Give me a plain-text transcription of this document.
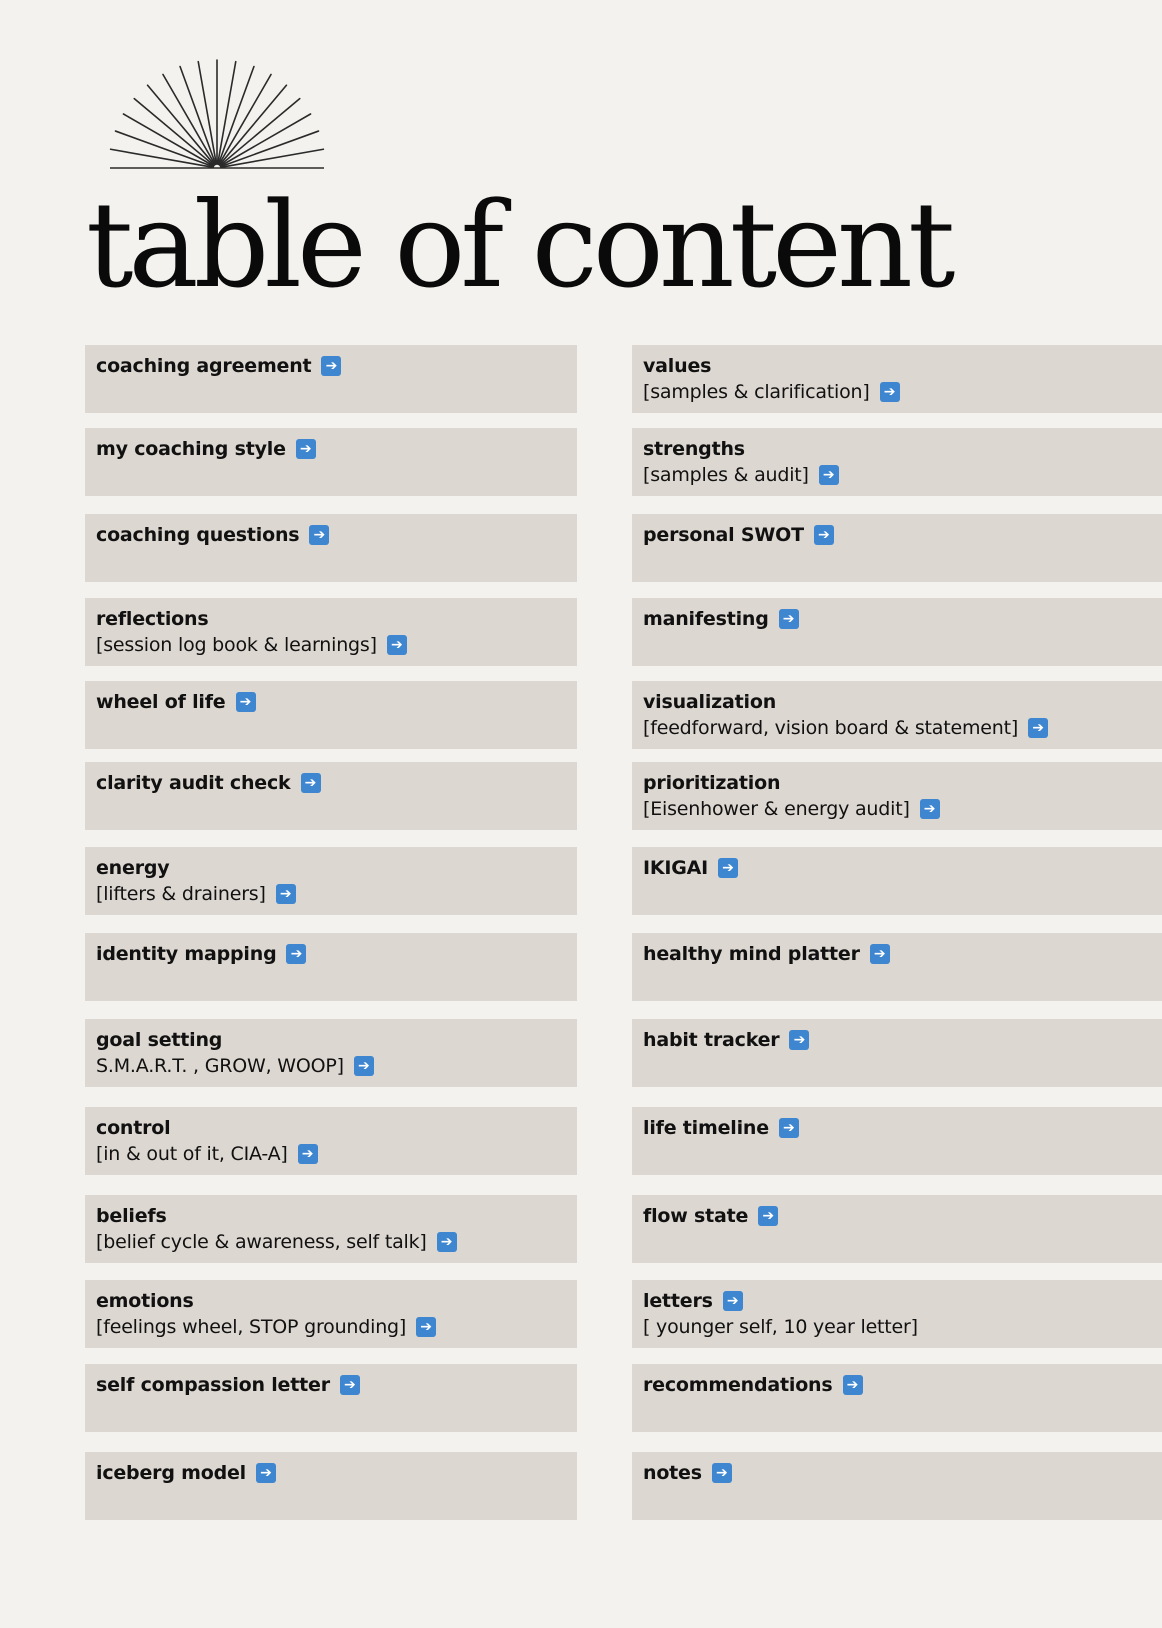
table of content
coaching agreement ➔
my coaching style ➔
coaching questions ➔
reflections
[session log book & learnings] ➔
wheel of life ➔
clarity audit check ➔
energy
[lifters & drainers] ➔
identity mapping ➔
goal setting
S.M.A.R.T. , GROW, WOOP] ➔
control
[in & out of it, CIA-A] ➔
beliefs
[belief cycle & awareness, self talk] ➔
emotions
[feelings wheel, STOP grounding] ➔
self compassion letter ➔
iceberg model ➔
values
[samples & clarification] ➔
strengths
[samples & audit] ➔
personal SWOT ➔
manifesting ➔
visualization
[feedforward, vision board & statement] ➔
prioritization
[Eisenhower & energy audit] ➔
IKIGAI ➔
healthy mind platter ➔
habit tracker ➔
life timeline ➔
flow state ➔
letters ➔
[ younger self, 10 year letter]
recommendations ➔
notes ➔
